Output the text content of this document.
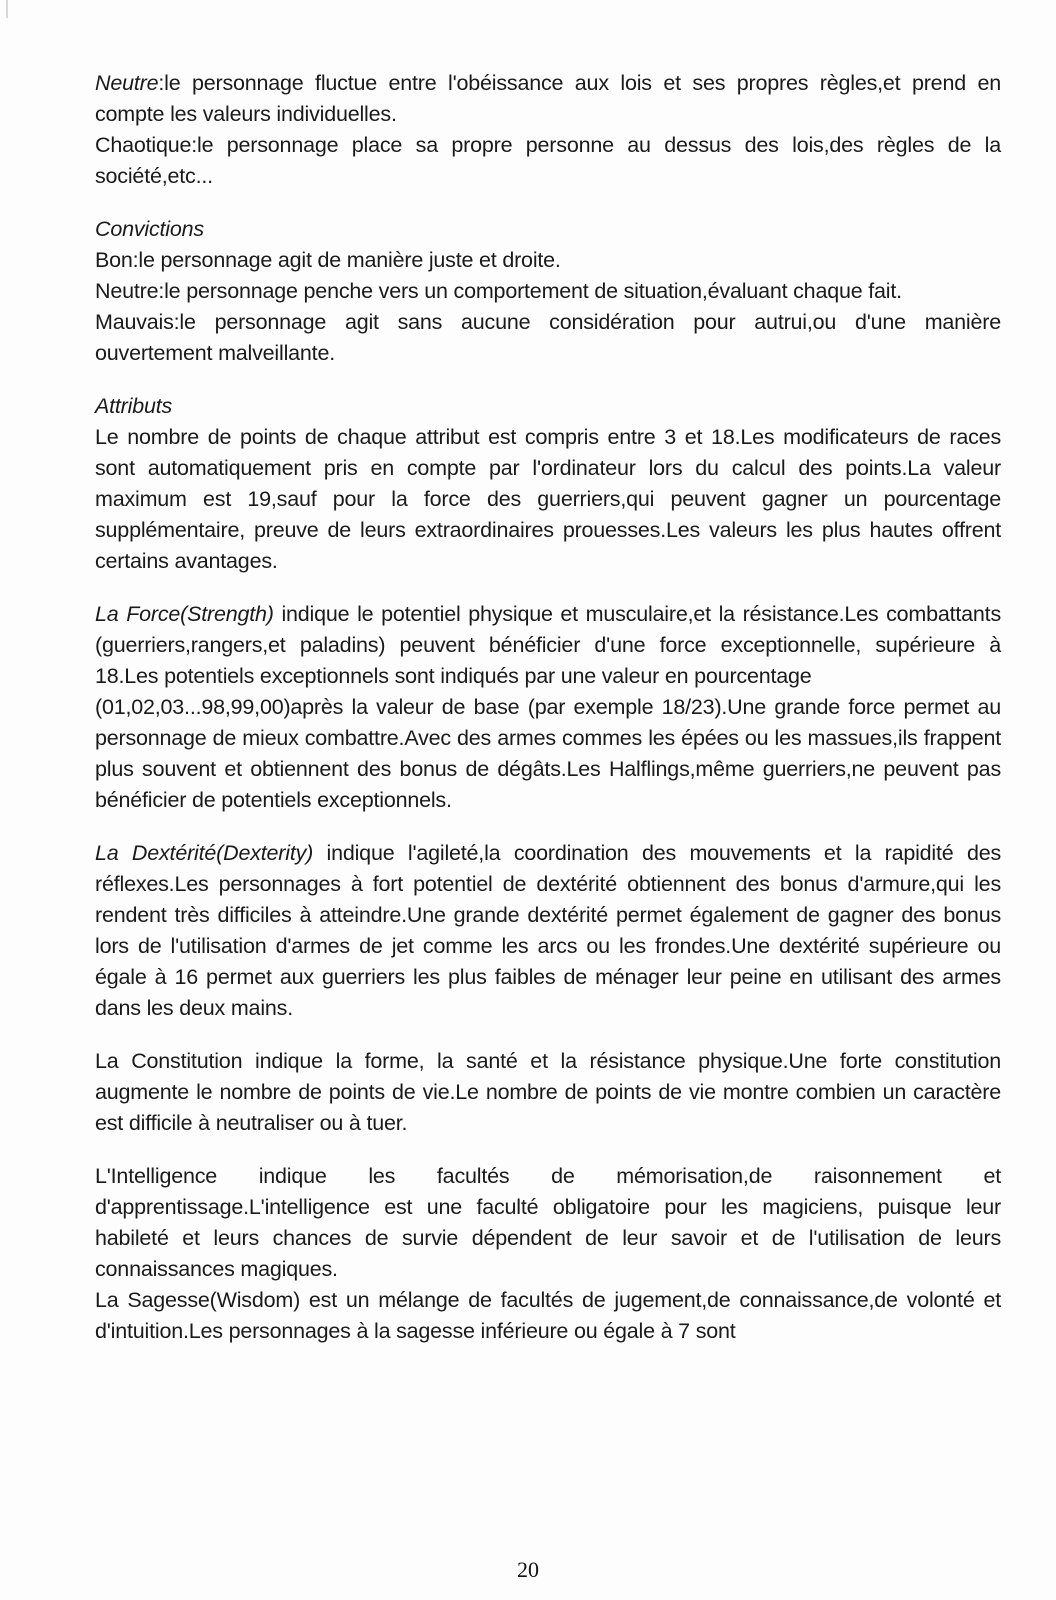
Neutre:le personnage fluctue entre l'obéissance aux lois et ses propres règles,et prend en compte les valeurs individuelles.

Chaotique:le personnage place sa propre personne au dessus des lois,des règles de la société,etc...

Convictions

Bon:le personnage agit de manière juste et droite.

Neutre:le personnage penche vers un comportement de situation,évaluant chaque fait.

Mauvais:le personnage agit sans aucune considération pour autrui,ou d'une manière ouvertement malveillante.

Attributs

Le nombre de points de chaque attribut est compris entre 3 et 18.Les modificateurs de races sont automatiquement pris en compte par l'ordinateur lors du calcul des points.La valeur maximum est 19,sauf pour la force des guerriers,qui peuvent gagner un pourcentage supplémentaire, preuve de leurs extraordinaires prouesses.Les valeurs les plus hautes offrent certains avantages.

La Force(Strength) indique le potentiel physique et musculaire,et la résistance.Les combattants (guerriers,rangers,et paladins) peuvent bénéficier d'une force exceptionnelle, supérieure à 18.Les potentiels exceptionnels sont indiqués par une valeur en pourcentage

(01,02,03...98,99,00)après la valeur de base (par exemple 18/23).Une grande force permet au personnage de mieux combattre.Avec des armes commes les épées ou les massues,ils frappent plus souvent et obtiennent des bonus de dégâts.Les Halflings,même guerriers,ne peuvent pas bénéficier de potentiels exceptionnels.

La Dextérité(Dexterity) indique l'agileté,la coordination des mouvements et la rapidité des réflexes.Les personnages à fort potentiel de dextérité obtiennent des bonus d'armure,qui les rendent très difficiles à atteindre.Une grande dextérité permet également de gagner des bonus lors de l'utilisation d'armes de jet comme les arcs ou les frondes.Une dextérité supérieure ou égale à 16 permet aux guerriers les plus faibles de ménager leur peine en utilisant des armes dans les deux mains.

La Constitution indique la forme, la santé et la résistance physique.Une forte constitution augmente le nombre de points de vie.Le nombre de points de vie montre combien un caractère est difficile à neutraliser ou à tuer.

L'Intelligence indique les facultés de mémorisation,de raisonnement et d'apprentissage.L'intelligence est une faculté obligatoire pour les magiciens, puisque leur habileté et leurs chances de survie dépendent de leur savoir et de l'utilisation de leurs connaissances magiques.

La Sagesse(Wisdom) est un mélange de facultés de jugement,de connaissance,de volonté et d'intuition.Les personnages à la sagesse inférieure ou égale à 7 sont

20
